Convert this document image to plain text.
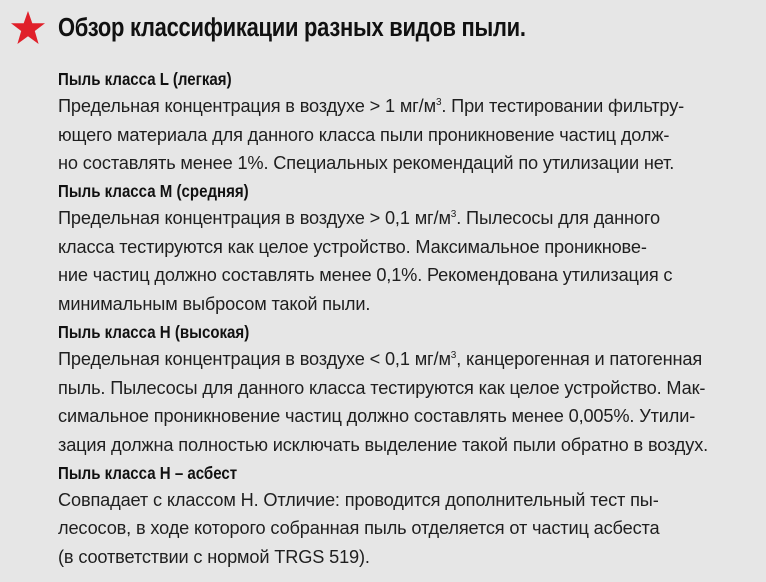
Обзор классификации разных видов пыли.
Пыль класса L (легкая)
Предельная концентрация в воздухе > 1 $мг/м^3$. При тестировании фильтру-
ющего материала для данного класса пыли проникновение частиц долж-
но составлять менее 1%. Специальных рекомендаций по утилизации нет.
Пыль класса M (средняя)
Предельная концентрация в воздухе > 0,1 $мг/м^3$. Пылесосы для данного
класса тестируются как целое устройство. Максимальное проникнове-
ние частиц должно составлять менее 0,1%. Рекомендована утилизация с
минимальным выбросом такой пыли.
Пыль класса H (высокая)
Предельная концентрация в воздухе < 0,1 $мг/м^3$, канцерогенная и патогенная
пыль. Пылесосы для данного класса тестируются как целое устройство. Мак-
симальное проникновение частиц должно составлять менее 0,005%. Утили-
зация должна полностью исключать выделение такой пыли обратно в воздух.
Пыль класса H – асбест
Совпадает с классом H. Отличие: проводится дополнительный тест пы-
лесосов, в ходе которого собранная пыль отделяется от частиц асбеста
(в соответствии с нормой TRGS 519).
